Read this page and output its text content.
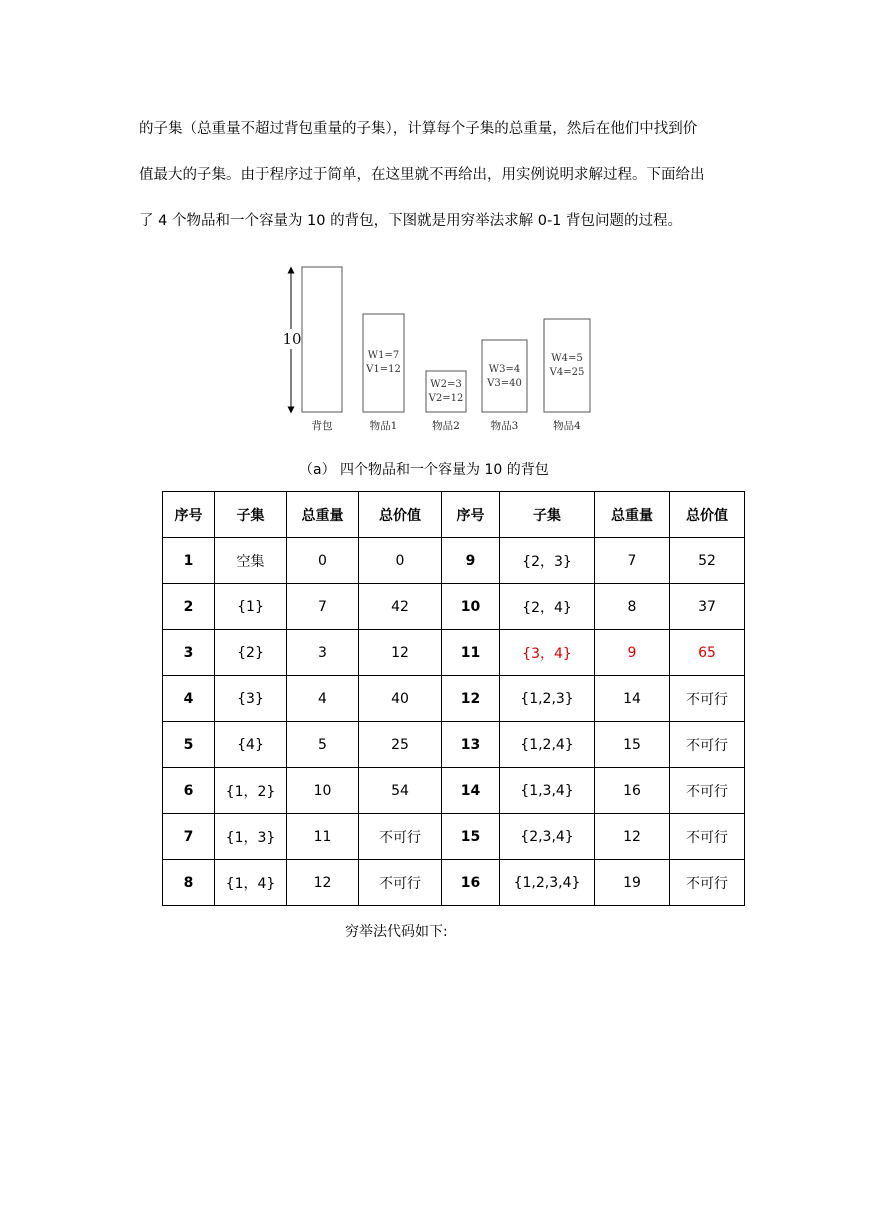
的子集（总重量不超过背包重量的子集），计算每个子集的总重量，然后在他们中找到价
值最大的子集。由于程序过于简单，在这里就不再给出，用实例说明求解过程。下面给出
了 4 个物品和一个容量为 10 的背包，下图就是用穷举法求解 0-1 背包问题的过程。
10
背包
W1=7
V1=12
物品1
W2=3
V2=12
物品2
W3=4
V3=40
物品3
W4=5
V4=25
物品4
（a） 四个物品和一个容量为 10 的背包
序号	子集	总重量	总价值	序号	子集	总重量	总价值
1	空集	0	0	9	{2，3}	7	52
2	{1}	7	42	10	{2，4}	8	37
3	{2}	3	12	11	{3，4}	9	65
4	{3}	4	40	12	{1,2,3}	14	不可行
5	{4}	5	25	13	{1,2,4}	15	不可行
6	{1，2}	10	54	14	{1,3,4}	16	不可行
7	{1，3}	11	不可行	15	{2,3,4}	12	不可行
8	{1，4}	12	不可行	16	{1,2,3,4}	19	不可行
穷举法代码如下:
